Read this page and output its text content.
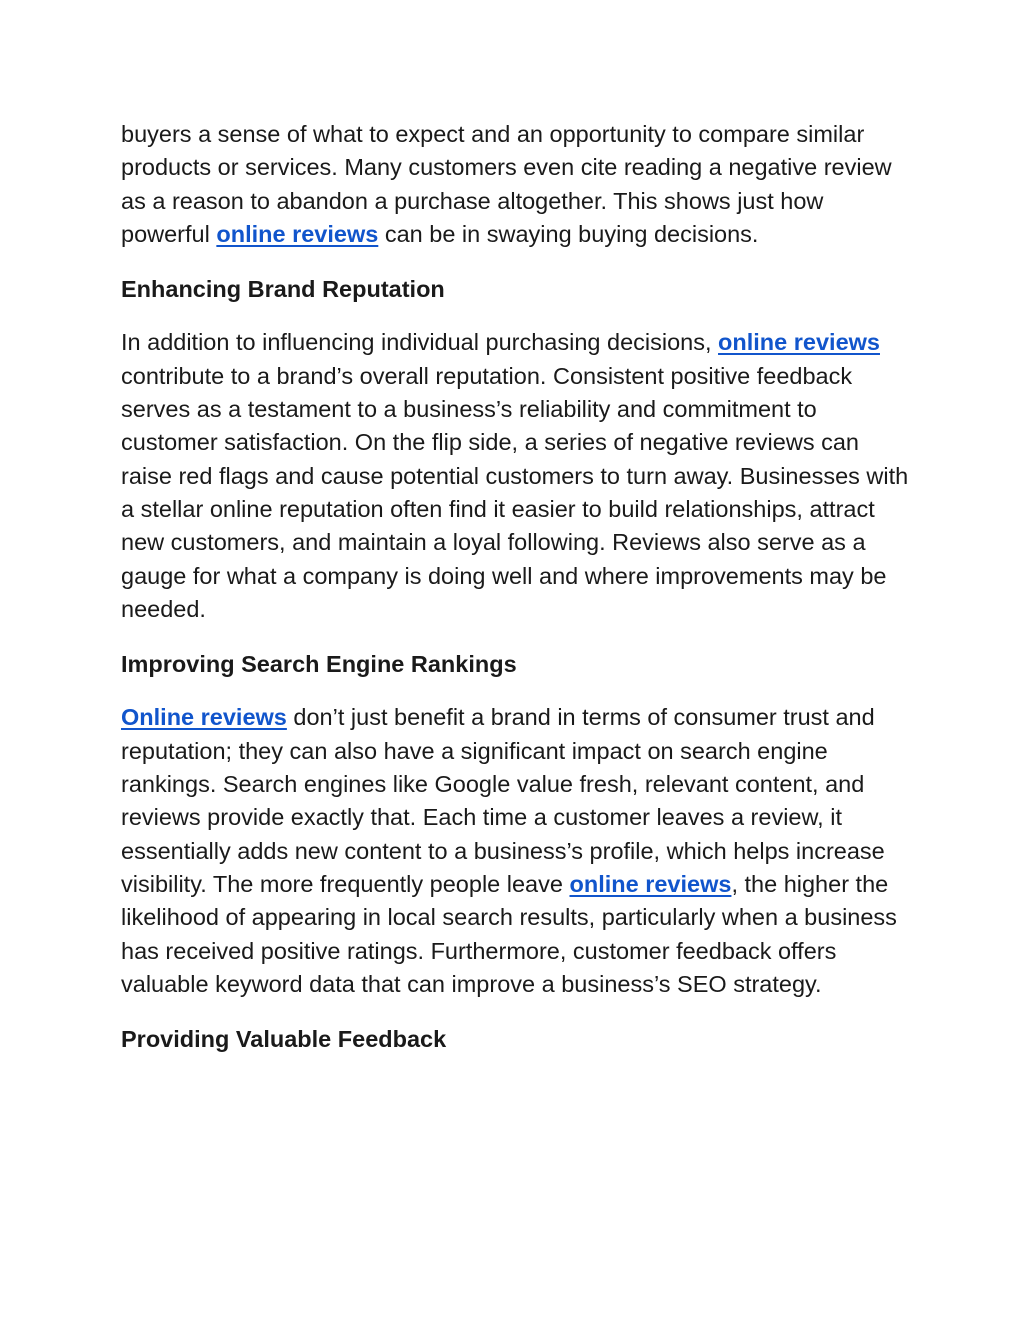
buyers a sense of what to expect and an opportunity to compare similar products or services. Many customers even cite reading a negative review as a reason to abandon a purchase altogether. This shows just how powerful online reviews can be in swaying buying decisions.

Enhancing Brand Reputation

In addition to influencing individual purchasing decisions, online reviews contribute to a brand’s overall reputation. Consistent positive feedback serves as a testament to a business’s reliability and commitment to customer satisfaction. On the flip side, a series of negative reviews can raise red flags and cause potential customers to turn away. Businesses with a stellar online reputation often find it easier to build relationships, attract new customers, and maintain a loyal following. Reviews also serve as a gauge for what a company is doing well and where improvements may be needed.

Improving Search Engine Rankings

Online reviews don’t just benefit a brand in terms of consumer trust and reputation; they can also have a significant impact on search engine rankings. Search engines like Google value fresh, relevant content, and reviews provide exactly that. Each time a customer leaves a review, it essentially adds new content to a business’s profile, which helps increase visibility. The more frequently people leave online reviews, the higher the likelihood of appearing in local search results, particularly when a business has received positive ratings. Furthermore, customer feedback offers valuable keyword data that can improve a business’s SEO strategy.

Providing Valuable Feedback
